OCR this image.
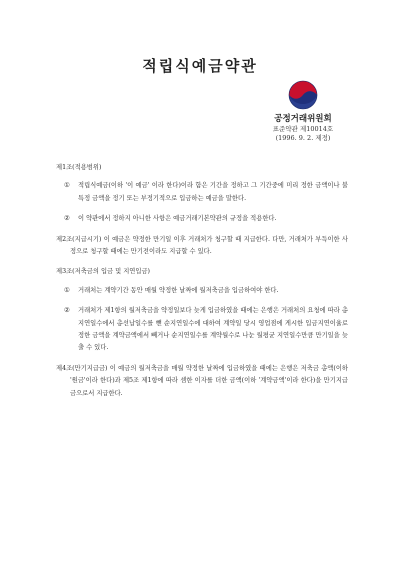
적립식예금약관
공정거래위원회
표준약관 제10014호
(1996. 9. 2. 제정)
제1조(적용범위)
① 적립식예금(이하 '이 예금' 이라 한다)이라 함은 기간을 정하고 그 기간중에 미리 정한 금액이나 불특정 금액을 정기 또는 부정기적으로 입금하는 예금을 말한다.
② 이 약관에서 정하지 아니한 사항은 예금거래기본약관의 규정을 적용한다.
제2조(지급시기) 이 예금은 약정한 만기일 이후 거래처가 청구할 때 지급한다. 다만, 거래처가 부득이한 사정으로 청구할 때에는 만기전이라도 지급할 수 있다.
제3조(저축금의 입금 및 지연입금)
① 거래처는 계약기간 동안 매월 약정한 날짜에 월저축금을 입금하여야 한다.
② 거래처가 제1항의 월저축금을 약정일보다 늦게 입금하였을 때에는 은행은 거래처의 요청에 따라 총지연일수에서 총선납일수를 뺀 순지연일수에 대하여 계약일 당시 영업점에 게시한 입금지연이율로 정한 금액을 계약금액에서 빼거나 순지연일수를 계약월수로 나눈 월평균 지연일수만큼 만기일을 늦출 수 있다.
제4조(만기지급금) 이 예금의 월저축금을 매월 약정한 날짜에 입금하였을 때에는 은행은 저축금 총액(이하 '원금'이라 한다)과 제5조 제1항에 따라 셈한 이자를 더한 금액(이하 '계약금액'이라 한다)을 만기지급금으로서 지급한다.
